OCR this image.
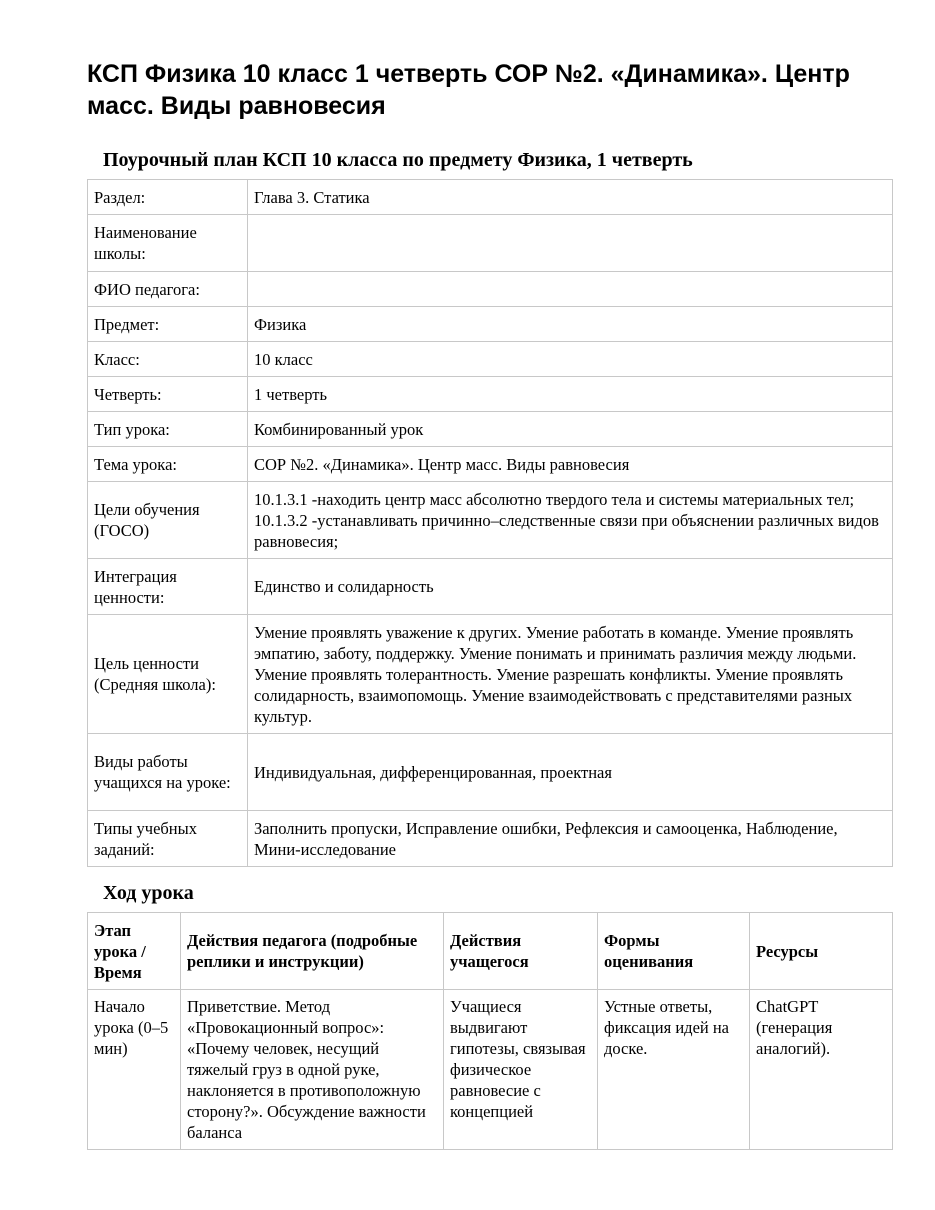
КСП Физика 10 класс 1 четверть СОР №2. «Динамика». Центр масс. Виды равновесия
Поурочный план КСП 10 класса по предмету Физика, 1 четверть
Раздел:	Глава 3. Статика
Наименование школы:	
ФИО педагога:	
Предмет:	Физика
Класс:	10 класс
Четверть:	1 четверть
Тип урока:	Комбинированный урок
Тема урока:	СОР №2. «Динамика». Центр масс. Виды равновесия
Цели обучения (ГОСО)	10.1.3.1 -находить центр масс абсолютно твердого тела и системы материальных тел; 10.1.3.2 -устанавливать причинно–следственные связи при объяснении различных видов равновесия;
Интеграция ценности:	Единство и солидарность
Цель ценности (Средняя школа):	Умение проявлять уважение к других. Умение работать в команде. Умение проявлять эмпатию, заботу, поддержку. Умение понимать и принимать различия между людьми. Умение проявлять толерантность. Умение разрешать конфликты. Умение проявлять солидарность, взаимопомощь. Умение взаимодействовать с представителями разных культур.
Виды работы учащихся на уроке:	Индивидуальная, дифференцированная, проектная
Типы учебных заданий:	Заполнить пропуски, Исправление ошибки, Рефлексия и самооценка, Наблюдение, Мини-исследование
Ход урока
Этап урока / Время	Действия педагога (подробные реплики и инструкции)	Действия учащегося	Формы оценивания	Ресурсы
Начало урока (0–5 мин)	Приветствие. Метод «Провокационный вопрос»: «Почему человек, несущий тяжелый груз в одной руке, наклоняется в противоположную сторону?». Обсуждение важности баланса	Учащиеся выдвигают гипотезы, связывая физическое равновесие с концепцией	Устные ответы, фиксация идей на доске.	ChatGPT (генерация аналогий).
